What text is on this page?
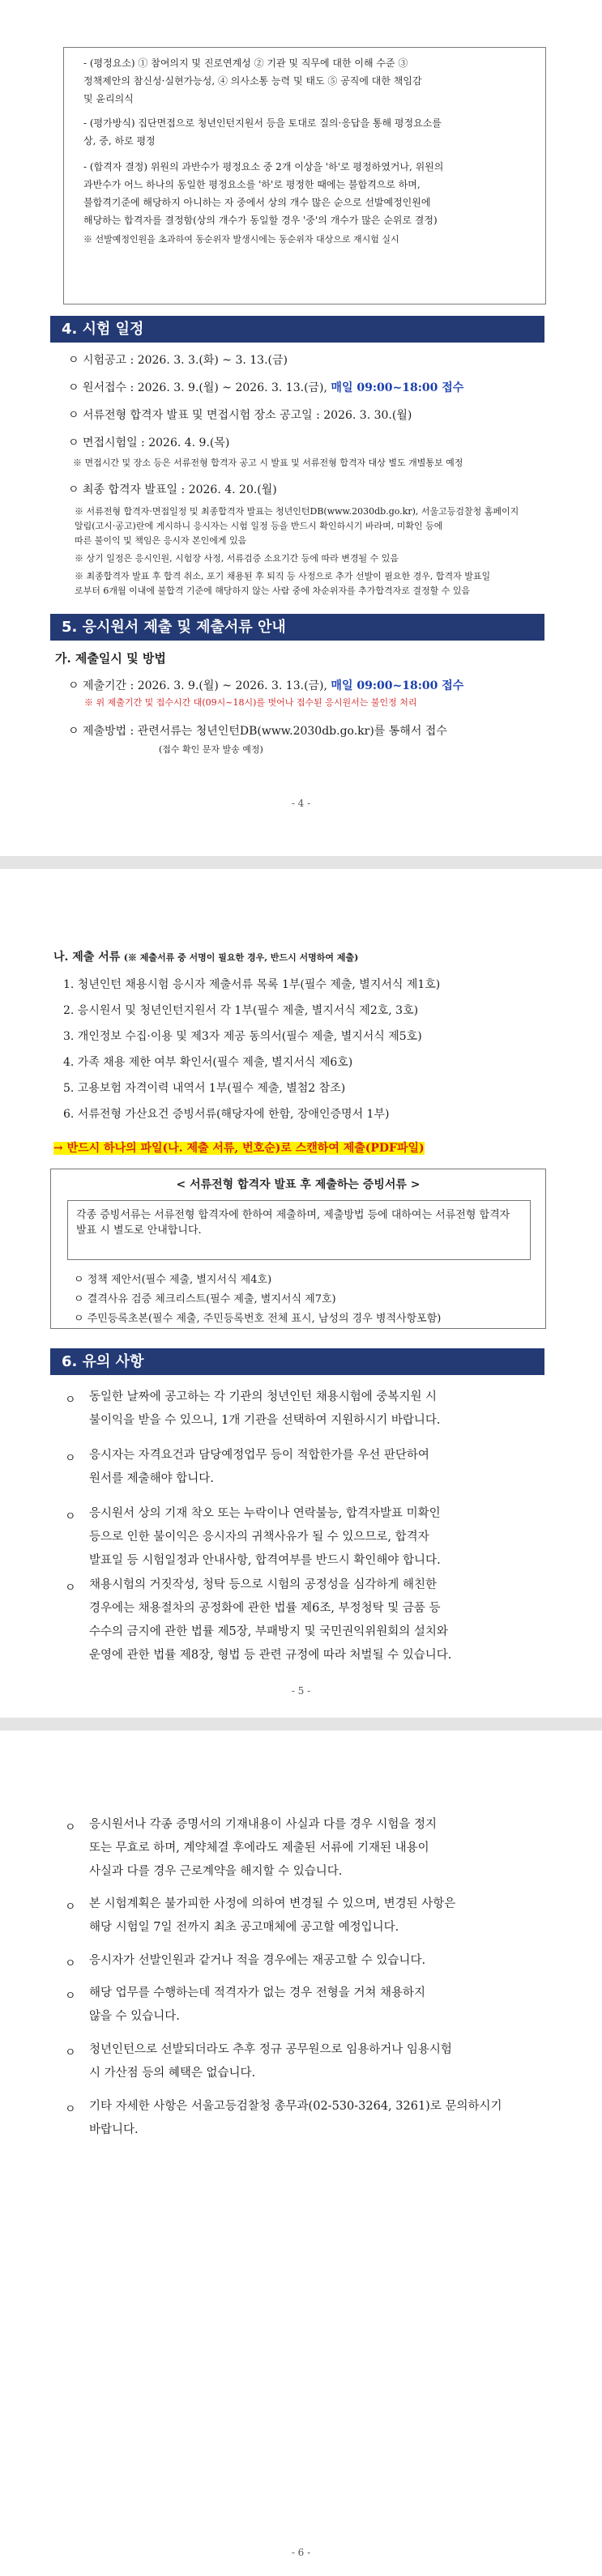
- (평정요소) ① 참여의지 및 진로연계성 ② 기관 및 직무에 대한 이해 수준 ③
정책제안의 참신성·실현가능성, ④ 의사소통 능력 및 태도 ⑤ 공직에 대한 책임감
및 윤리의식
- (평가방식) 집단면접으로 청년인턴지원서 등을 토대로 질의·응답을 통해 평정요소를
상, 중, 하로 평정
- (합격자 결정) 위원의 과반수가 평정요소 중 2개 이상을 '하'로 평정하였거나, 위원의
과반수가 어느 하나의 동일한 평정요소를 '하'로 평정한 때에는 불합격으로 하며,
불합격기준에 해당하지 아니하는 자 중에서 상의 개수 많은 순으로 선발예정인원에
해당하는 합격자를 결정함(상의 개수가 동일할 경우 '중'의 개수가 많은 순위로 결정)
※ 선발예정인원을 초과하여 동순위자 발생시에는 동순위자 대상으로 재시험 실시
4. 시험 일정
ㅇ 시험공고 : 2026. 3. 3.(화) ~ 3. 13.(금)
ㅇ 원서접수 : 2026. 3. 9.(월) ~ 2026. 3. 13.(금), 매일 09:00~18:00 접수
ㅇ 서류전형 합격자 발표 및 면접시험 장소 공고일 : 2026. 3. 30.(월)
ㅇ 면접시험일 : 2026. 4. 9.(목)
※ 면접시간 및 장소 등은 서류전형 합격자 공고 시 발표 및 서류전형 합격자 대상 별도 개별통보 예정
ㅇ 최종 합격자 발표일 : 2026. 4. 20.(월)
※ 서류전형 합격자·면접일정 및 최종합격자 발표는 청년인턴DB(www.2030db.go.kr), 서울고등검찰청 홈페이지
알림(고시·공고)란에 게시하니 응시자는 시험 일정 등을 반드시 확인하시기 바라며, 미확인 등에
따른 불이익 및 책임은 응시자 본인에게 있음
※ 상기 일정은 응시인원, 시험장 사정, 서류검증 소요기간 등에 따라 변경될 수 있음
※ 최종합격자 발표 후 합격 취소, 포기 채용된 후 퇴직 등 사정으로 추가 선발이 필요한 경우, 합격자 발표일
로부터 6개월 이내에 불합격 기준에 해당하지 않는 사람 중에 차순위자를 추가합격자로 결정할 수 있음
5. 응시원서 제출 및 제출서류 안내
가. 제출일시 및 방법
ㅇ 제출기간 : 2026. 3. 9.(월) ~ 2026. 3. 13.(금), 매일 09:00~18:00 접수
※ 위 제출기간 및 접수시간 대(09시~18시)를 벗어나 접수된 응시원서는 불인정 처리
ㅇ 제출방법 : 관련서류는 청년인턴DB(www.2030db.go.kr)를 통해서 접수
(접수 확인 문자 발송 예정)
- 4 -
나. 제출 서류 (※ 제출서류 중 서명이 필요한 경우, 반드시 서명하여 제출)
1. 청년인턴 채용시험 응시자 제출서류 목록 1부(필수 제출, 별지서식 제1호)
2. 응시원서 및 청년인턴지원서 각 1부(필수 제출, 별지서식 제2호, 3호)
3. 개인정보 수집·이용 및 제3자 제공 동의서(필수 제출, 별지서식 제5호)
4. 가족 채용 제한 여부 확인서(필수 제출, 별지서식 제6호)
5. 고용보험 자격이력 내역서 1부(필수 제출, 별첨2 참조)
6. 서류전형 가산요건 증빙서류(해당자에 한함, 장애인증명서 1부)
→ 반드시 하나의 파일(나. 제출 서류, 번호순)로 스캔하여 제출(PDF파일)
< 서류전형 합격자 발표 후 제출하는 증빙서류 >
각종 증빙서류는 서류전형 합격자에 한하여 제출하며, 제출방법 등에 대하여는 서류전형 합격자 발표 시 별도로 안내합니다.
ㅇ 정책 제안서(필수 제출, 별지서식 제4호)
ㅇ 결격사유 검증 체크리스트(필수 제출, 별지서식 제7호)
ㅇ 주민등록초본(필수 제출, 주민등록번호 전체 표시, 남성의 경우 병적사항포함)
6. 유의 사항
ㅇ 동일한 날짜에 공고하는 각 기관의 청년인턴 채용시험에 중복지원 시
불이익을 받을 수 있으니, 1개 기관을 선택하여 지원하시기 바랍니다.
ㅇ 응시자는 자격요건과 담당예정업무 등이 적합한가를 우선 판단하여
원서를 제출해야 합니다.
ㅇ 응시원서 상의 기재 착오 또는 누락이나 연락불능, 합격자발표 미확인
등으로 인한 불이익은 응시자의 귀책사유가 될 수 있으므로, 합격자
발표일 등 시험일정과 안내사항, 합격여부를 반드시 확인해야 합니다.
ㅇ 채용시험의 거짓작성, 청탁 등으로 시험의 공정성을 심각하게 해친한
경우에는 채용절차의 공정화에 관한 법률 제6조, 부정청탁 및 금품 등
수수의 금지에 관한 법률 제5장, 부패방지 및 국민권익위원회의 설치와
운영에 관한 법률 제8장, 형법 등 관련 규정에 따라 처벌될 수 있습니다.
- 5 -
ㅇ 응시원서나 각종 증명서의 기재내용이 사실과 다를 경우 시험을 정지
또는 무효로 하며, 계약체결 후에라도 제출된 서류에 기재된 내용이
사실과 다를 경우 근로계약을 해지할 수 있습니다.
ㅇ 본 시험계획은 불가피한 사정에 의하여 변경될 수 있으며, 변경된 사항은
해당 시험일 7일 전까지 최초 공고매체에 공고할 예정입니다.
ㅇ 응시자가 선발인원과 같거나 적을 경우에는 재공고할 수 있습니다.
ㅇ 해당 업무를 수행하는데 적격자가 없는 경우 전형을 거쳐 채용하지
않을 수 있습니다.
ㅇ 청년인턴으로 선발되더라도 추후 정규 공무원으로 임용하거나 임용시험
시 가산점 등의 혜택은 없습니다.
ㅇ 기타 자세한 사항은 서울고등검찰청 총무과(02-530-3264, 3261)로 문의하시기
바랍니다.
- 6 -
